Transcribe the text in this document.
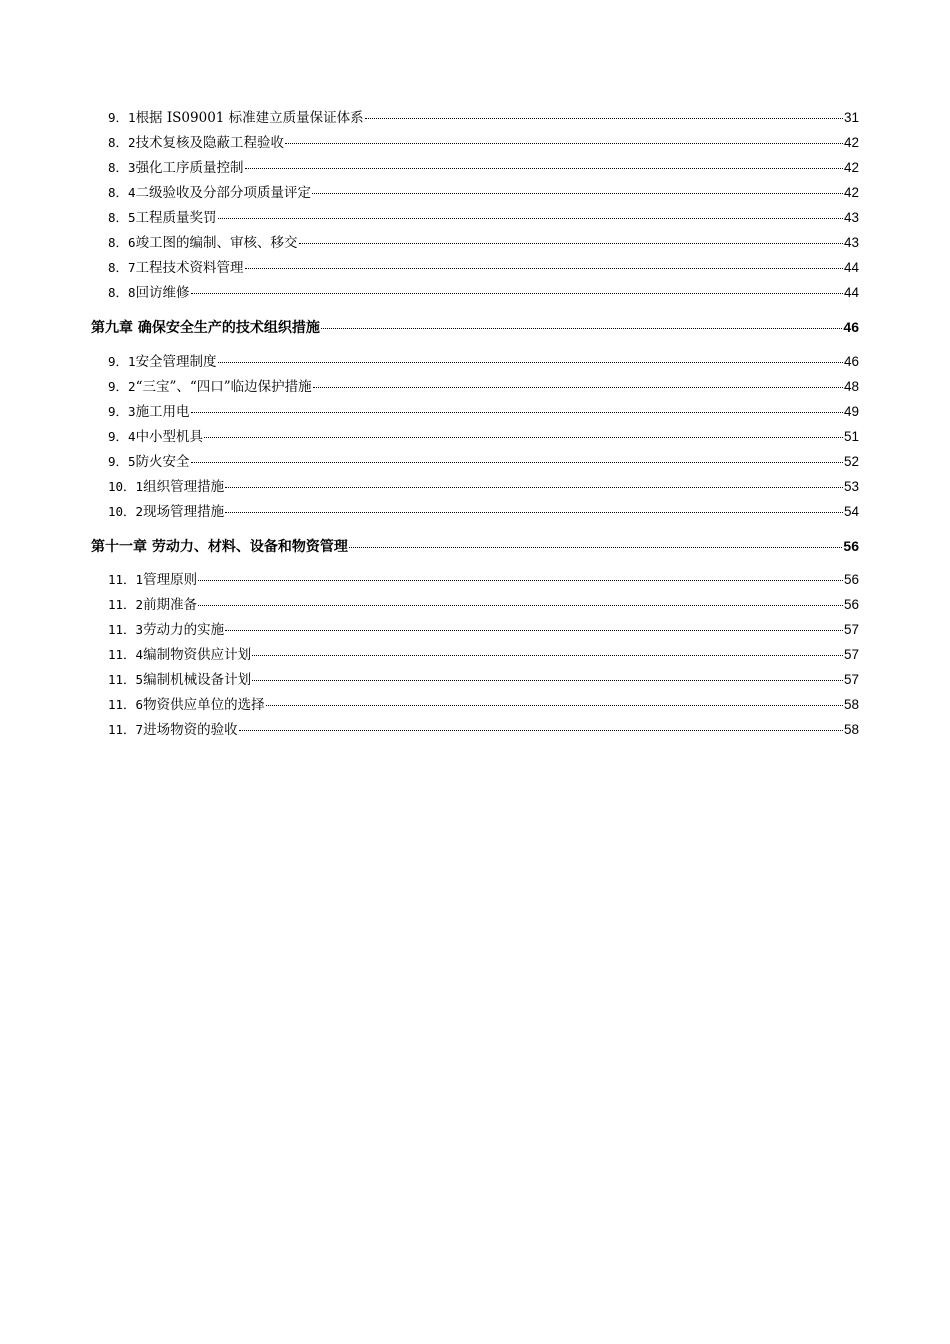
9．1 根据 IS09001 标准建立质量保证体系	31
8．2 技术复核及隐蔽工程验收	42
8．3 强化工序质量控制	42
8．4 二级验收及分部分项质量评定	42
8．5 工程质量奖罚	43
8．6 竣工图的编制、审核、移交	43
8．7 工程技术资料管理	44
8．8 回访维修	44
第九章 确保安全生产的技术组织措施	46
9．1 安全管理制度	46
9．2 “三宝”、“四口”临边保护措施	48
9．3 施工用电	49
9．4 中小型机具	51
9．5 防火安全	52
10．1 组织管理措施	53
10．2 现场管理措施	54
第十一章 劳动力、材料、设备和物资管理	56
11．1 管理原则	56
11．2 前期准备	56
11．3 劳动力的实施	57
11．4 编制物资供应计划	57
11．5 编制机械设备计划	57
11．6 物资供应单位的选择	58
11．7 进场物资的验收	58
